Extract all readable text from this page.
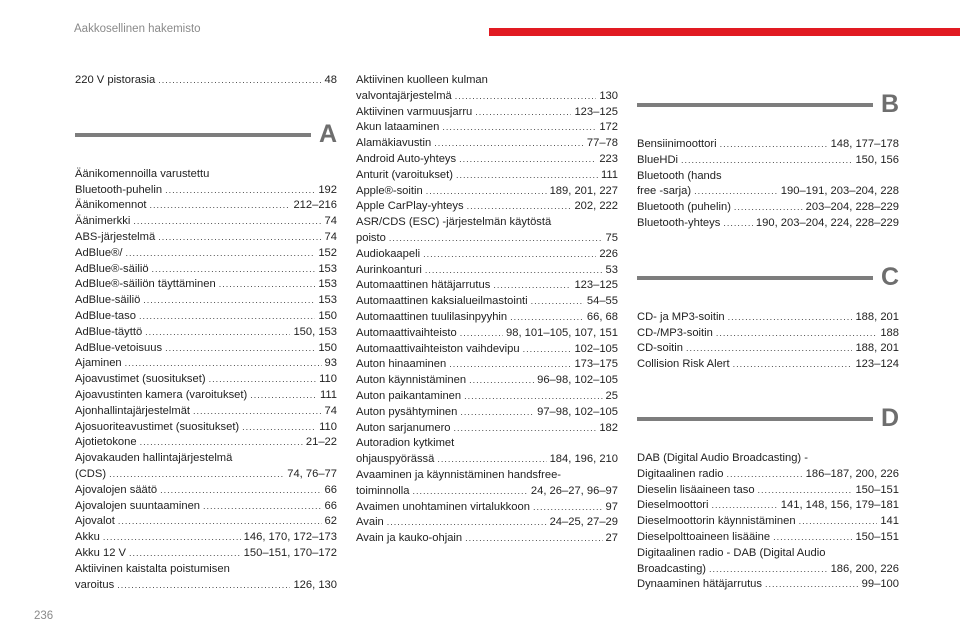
Aakkosellinen hakemisto
220 V pistorasia . . .	48
A
Äänikomennoilla varustettu
Bluetooth-puhelin . . .	192
Äänikomennot . . .	212–216
Äänimerkki . . .	74
ABS-järjestelmä . . .	74
AdBlue®/ . . .	152
AdBlue®-säiliö . . .	153
AdBlue®-säiliön täyttäminen . . .	153
AdBlue-säiliö . . .	153
AdBlue-taso . . .	150
AdBlue-täyttö . . .	150, 153
AdBlue-vetoisuus . . .	150
Ajaminen . . .	93
Ajoavustimet (suositukset) . . .	110
Ajoavustinten kamera (varoitukset) . . .	111
Ajonhallintajärjestelmät . . .	74
Ajosuoriteavustimet (suositukset) . . .	110
Ajotietokone . . .	21–22
Ajovakauden hallintajärjestelmä
(CDS) . . .	74, 76–77
Ajovalojen säätö . . .	66
Ajovalojen suuntaaminen . . .	66
Ajovalot . . .	62
Akku . . .	146, 170, 172–173
Akku 12 V . . .	150–151, 170–172
Aktiivinen kaistalta poistumisen
varoitus . . .	126, 130
Aktiivinen kuolleen kulman
valvontajärjestelmä . . .	130
Aktiivinen varmuusjarru . . .	123–125
Akun lataaminen . . .	172
Alamäkiavustin . . .	77–78
Android Auto-yhteys . . .	223
Anturit (varoitukset) . . .	111
Apple®-soitin . . .	189, 201, 227
Apple CarPlay-yhteys . . .	202, 222
ASR/CDS (ESC) -järjestelmän käytöstä
poisto . . .	75
Audiokaapeli . . .	226
Aurinkoanturi . . .	53
Automaattinen hätäjarrutus . . .	123–125
Automaattinen kaksialueilmastointi . . .	54–55
Automaattinen tuulilasinpyyhin . . .	66, 68
Automaattivaihteisto . . .	98, 101–105, 107, 151
Automaattivaihteiston vaihdevipu . . .	102–105
Auton hinaaminen . . .	173–175
Auton käynnistäminen . . .	96–98, 102–105
Auton paikantaminen . . .	25
Auton pysähtyminen . . .	97–98, 102–105
Auton sarjanumero . . .	182
Autoradion kytkimet
ohjauspyörässä . . .	184, 196, 210
Avaaminen ja käynnistäminen handsfree-
toiminnolla . . .	24, 26–27, 96–97
Avaimen unohtaminen virtalukkoon . . .	97
Avain . . .	24–25, 27–29
Avain ja kauko-ohjain . . .	27
B
Bensiinimoottori . . .	148, 177–178
BlueHDi . . .	150, 156
Bluetooth (hands
free -sarja) . . .	190–191, 203–204, 228
Bluetooth (puhelin) . . .	203–204, 228–229
Bluetooth-yhteys . . .	190, 203–204, 224, 228–229
C
CD- ja MP3-soitin . . .	188, 201
CD-/MP3-soitin . . .	188
CD-soitin . . .	188, 201
Collision Risk Alert . . .	123–124
D
DAB (Digital Audio Broadcasting) -
Digitaalinen radio . . .	186–187, 200, 226
Dieselin lisäaineen taso . . .	150–151
Dieselmoottori . . .	141, 148, 156, 179–181
Dieselmoottorin käynnistäminen . . .	141
Dieselpolttoaineen lisääine . . .	150–151
Digitaalinen radio - DAB (Digital Audio
Broadcasting) . . .	186, 200, 226
Dynaaminen hätäjarrutus . . .	99–100
236
